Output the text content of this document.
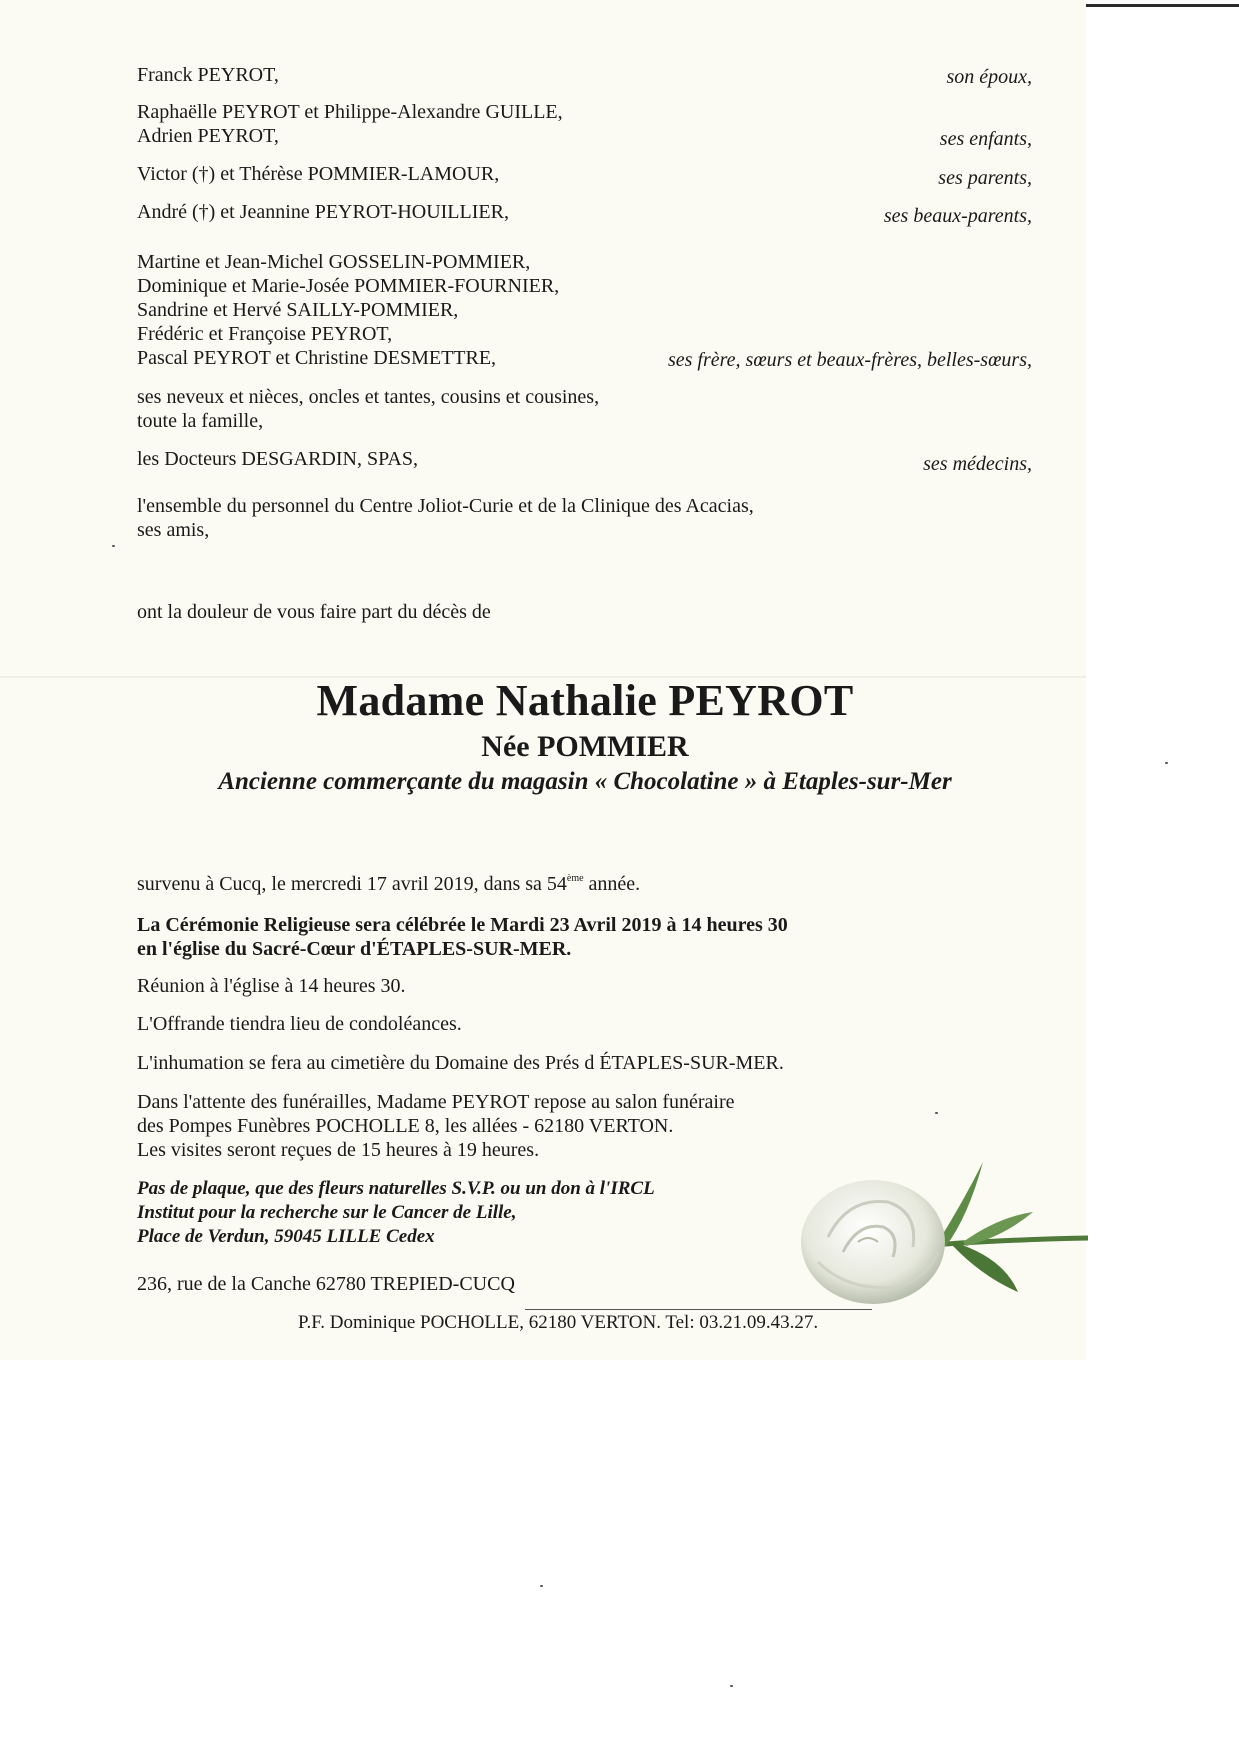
Franck PEYROT,	son époux,
Raphaëlle PEYROT et Philippe-Alexandre GUILLE,
Adrien PEYROT,	ses enfants,
Victor (†) et Thérèse POMMIER-LAMOUR,	ses parents,
André (†) et Jeannine PEYROT-HOUILLIER,	ses beaux-parents,
Martine et Jean-Michel GOSSELIN-POMMIER,
Dominique et Marie-Josée POMMIER-FOURNIER,
Sandrine et Hervé SAILLY-POMMIER,
Frédéric et Françoise PEYROT,
Pascal PEYROT et Christine DESMETTRE,	ses frère, sœurs et beaux-frères, belles-sœurs,
ses neveux et nièces, oncles et tantes, cousins et cousines,
toute la famille,
les Docteurs DESGARDIN, SPAS,	ses médecins,
l'ensemble du personnel du Centre Joliot-Curie et de la Clinique des Acacias,
ses amis,
ont la douleur de vous faire part du décès de
Madame Nathalie PEYROT
Née POMMIER
Ancienne commerçante du magasin « Chocolatine » à Etaples-sur-Mer
survenu à Cucq, le mercredi 17 avril 2019, dans sa 54ème année.
La Cérémonie Religieuse sera célébrée le Mardi 23 Avril 2019 à 14 heures 30
en l'église du Sacré-Cœur d'ÉTAPLES-SUR-MER.
Réunion à l'église à 14 heures 30.
L'Offrande tiendra lieu de condoléances.
L'inhumation se fera au cimetière du Domaine des Prés d ÉTAPLES-SUR-MER.
Dans l'attente des funérailles, Madame PEYROT repose au salon funéraire
des Pompes Funèbres POCHOLLE 8, les allées - 62180 VERTON.
Les visites seront reçues de 15 heures à 19 heures.
Pas de plaque, que des fleurs naturelles S.V.P. ou un don à l'IRCL
Institut pour la recherche sur le Cancer de Lille,
Place de Verdun, 59045 LILLE Cedex
236, rue de la Canche 62780 TREPIED-CUCQ
P.F. Dominique POCHOLLE, 62180 VERTON. Tel: 03.21.09.43.27.
